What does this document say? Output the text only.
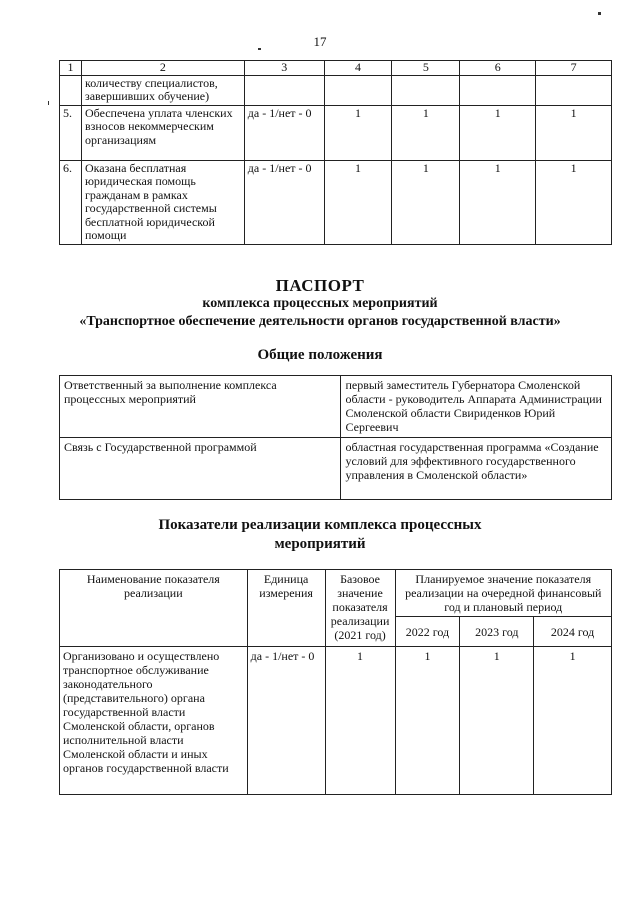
17
1	2	3	4	5	6	7
	количеству специалистов, завершивших обучение)					
5.	Обеспечена уплата членских взносов некоммерческим организациям	да - 1/нет - 0	1	1	1	1
6.	Оказана бесплатная юридическая помощь гражданам в рамках государственной системы бесплатной юридической помощи	да - 1/нет - 0	1	1	1	1
ПАСПОРТ
комплекса процессных мероприятий
«Транспортное обеспечение деятельности органов государственной власти»
Общие положения
Ответственный за выполнение комплекса процессных мероприятий	первый заместитель Губернатора Смоленской области - руководитель Аппарата Администрации Смоленской области Свириденков Юрий Сергеевич
Связь с Государственной программой	областная государственная программа «Создание условий для эффективного государственного управления в Смоленской области»
Показатели реализации комплекса процессных
мероприятий
Наименование показателя реализации	Единица измерения	Базовое значение показателя реализации (2021 год)	Планируемое значение показателя реализации на очередной финансовый год и плановый период		
			2022 год	2023 год	2024 год
Организовано и осуществлено транспортное обслуживание законодательного (представительного) органа государственной власти Смоленской области, органов исполнительной власти Смоленской области и иных органов государственной власти	да - 1/нет - 0	1	1	1	1
